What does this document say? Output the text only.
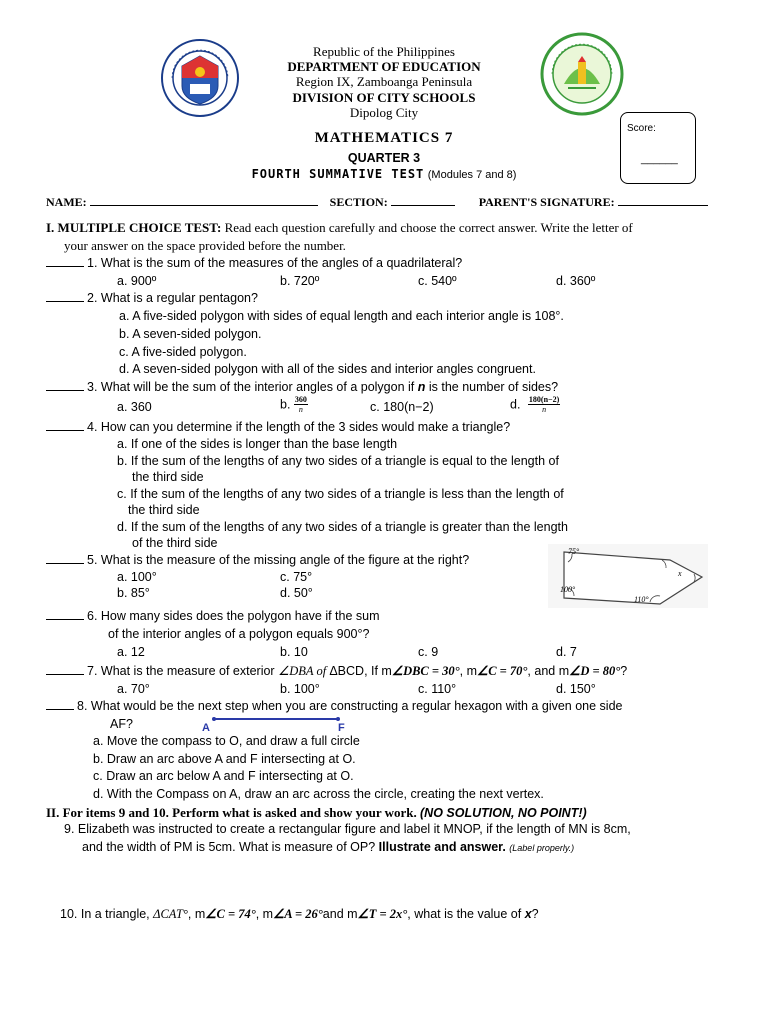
Republic of the Philippines
DEPARTMENT OF EDUCATION
Region IX, Zamboanga Peninsula
DIVISION OF CITY SCHOOLS
Dipolog City
Score:
______
MATHEMATICS 7
QUARTER 3
FOURTH SUMMATIVE TEST (Modules 7 and 8)
NAME:	SECTION:	PARENT'S SIGNATURE:
I. MULTIPLE CHOICE TEST: Read each question carefully and choose the correct answer. Write the letter of
your answer on the space provided before the number.
1. What is the sum of the measures of the angles of a quadrilateral?
a. 900º	b. 720º	c. 540º	d. 360º
2. What is a regular pentagon?
a. A five-sided polygon with sides of equal length and each interior angle is 108°.
b. A seven-sided polygon.
c. A five-sided polygon.
d. A seven-sided polygon with all of the sides and interior angles congruent.
3. What will be the sum of the interior angles of a polygon if n is the number of sides?
a. 360	b. $\frac{360}{n}$	c. 180(n−2)	d. $\frac{180(n-2)}{n}$
4. How can you determine if the length of the 3 sides would make a triangle?
a. If one of the sides is longer than the base length
b. If the sum of the lengths of any two sides of a triangle is equal to the length of
the third side
c. If the sum of the lengths of any two sides of a triangle is less than the length of
the third side
d. If the sum of the lengths of any two sides of a triangle is greater than the length
of the third side
5. What is the measure of the missing angle of the figure at the right?
a. 100°
b. 85°
c. 75°
d. 50°
75°
100°
110°
x
6. How many sides does the polygon have if the sum
of the interior angles of a polygon equals 900°?
a. 12	b. 10	c. 9	d. 7
7. What is the measure of exterior ∠DBA of ΔBCD, If m∠DBC = 30°, m∠C = 70°, and m∠D = 80°?
a. 70°	b. 100°	c. 110°	d. 150°
8. What would be the next step when you are constructing a regular hexagon with a given one side
AF?	A	F
a. Move the compass to O, and draw a full circle
b. Draw an arc above A and F intersecting at O.
c. Draw an arc below A and F intersecting at O.
d. With the Compass on A, draw an arc across the circle, creating the next vertex.
II. For items 9 and 10. Perform what is asked and show your work. (NO SOLUTION, NO POINT!)
9. Elizabeth was instructed to create a rectangular figure and label it MNOP, if the length of MN is 8cm,
and the width of PM is 5cm. What is measure of OP? Illustrate and answer. (Label properly.)
10. In a triangle, ΔCAT°, m∠C = 74°, m∠A = 26°and m∠T = 2x°, what is the value of x?
